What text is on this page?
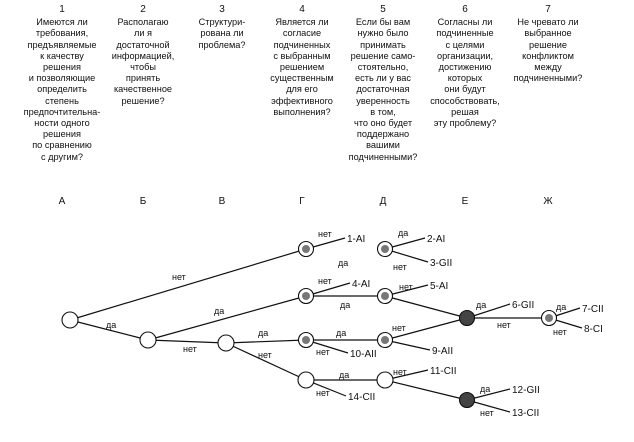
1
Имеются ли
требования,
предъявляемые
к качеству
решения
и позволяющие
определить
степень
предпочтительна-
ности одного
решения
по сравнению
с другим?
2
Располагаю
ли я
достаточной
информацией,
чтобы
принять
качественное
решение?
3
Структури-
рована ли
проблема?
4
Является ли
согласие
подчиненных
с выбранным
решением
существенным
для его
эффективного
выполнения?
5
Если бы вам
нужно было
принимать
решение само-
стоятельно,
есть ли у вас
достаточная
уверенность
в том,
что оно будет
поддержано
вашими
подчиненными?
6
Согласны ли
подчиненные
с целями
организации,
достижению
которых
они будут
способствовать,
решая
эту проблему?
7
Не чревато ли
выбранное
решение
конфликтом
между
подчиненными?
А	Б	В	Г	Д	Е	Ж
1-AI	2-AI
3-GII
4-AI	5-AI
6-GII	7-CII
8-CI
9-AII
10-AII
11-CII
12-GII
13-CII
14-CII
нет
да
да
нет
да
нет
нет
да
да
нет
нет
да
нет
да
нет
да
нет
да
нет
нет
да
нет
нет
да
нет
